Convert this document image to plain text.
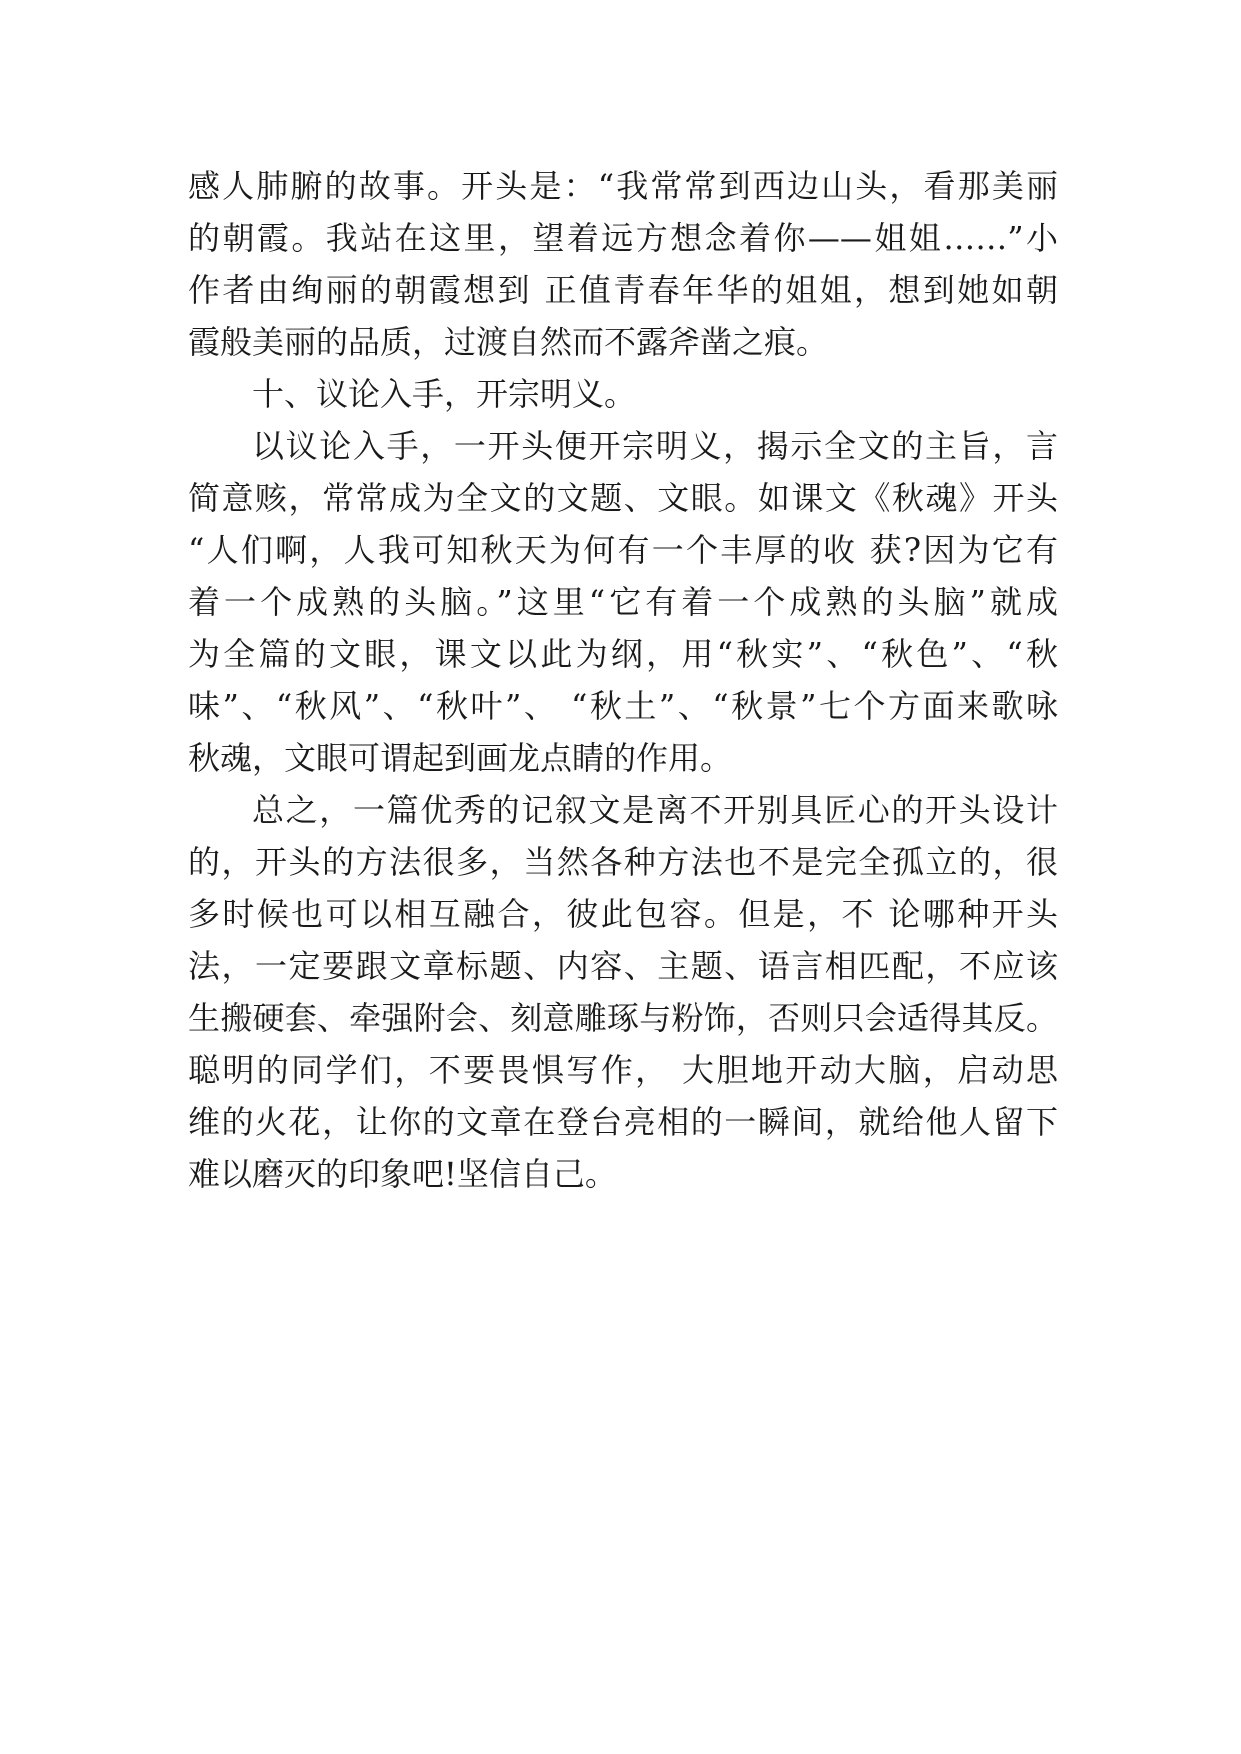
感人肺腑的故事。开头是：“我常常到西边山头，看那美丽
的朝霞。我站在这里，望着远方想念着你——姐姐……”小
作者由绚丽的朝霞想到 正值青春年华的姐姐，想到她如朝
霞般美丽的品质，过渡自然而不露斧凿之痕。
十、议论入手，开宗明义。
以议论入手，一开头便开宗明义，揭示全文的主旨，言
简意赅，常常成为全文的文题、文眼。如课文《秋魂》开头
“人们啊，人我可知秋天为何有一个丰厚的收 获?因为它有
着一个成熟的头脑。”这里“它有着一个成熟的头脑”就成
为全篇的文眼，课文以此为纲，用“秋实”、“秋色”、“秋
味”、“秋风”、“秋叶”、 “秋土”、“秋景”七个方面来歌咏
秋魂，文眼可谓起到画龙点睛的作用。
总之，一篇优秀的记叙文是离不开别具匠心的开头设计
的，开头的方法很多，当然各种方法也不是完全孤立的，很
多时候也可以相互融合，彼此包容。但是，不 论哪种开头
法，一定要跟文章标题、内容、主题、语言相匹配，不应该
生搬硬套、牵强附会、刻意雕琢与粉饰，否则只会适得其反。
聪明的同学们，不要畏惧写作， 大胆地开动大脑，启动思
维的火花，让你的文章在登台亮相的一瞬间，就给他人留下
难以磨灭的印象吧!坚信自己。
